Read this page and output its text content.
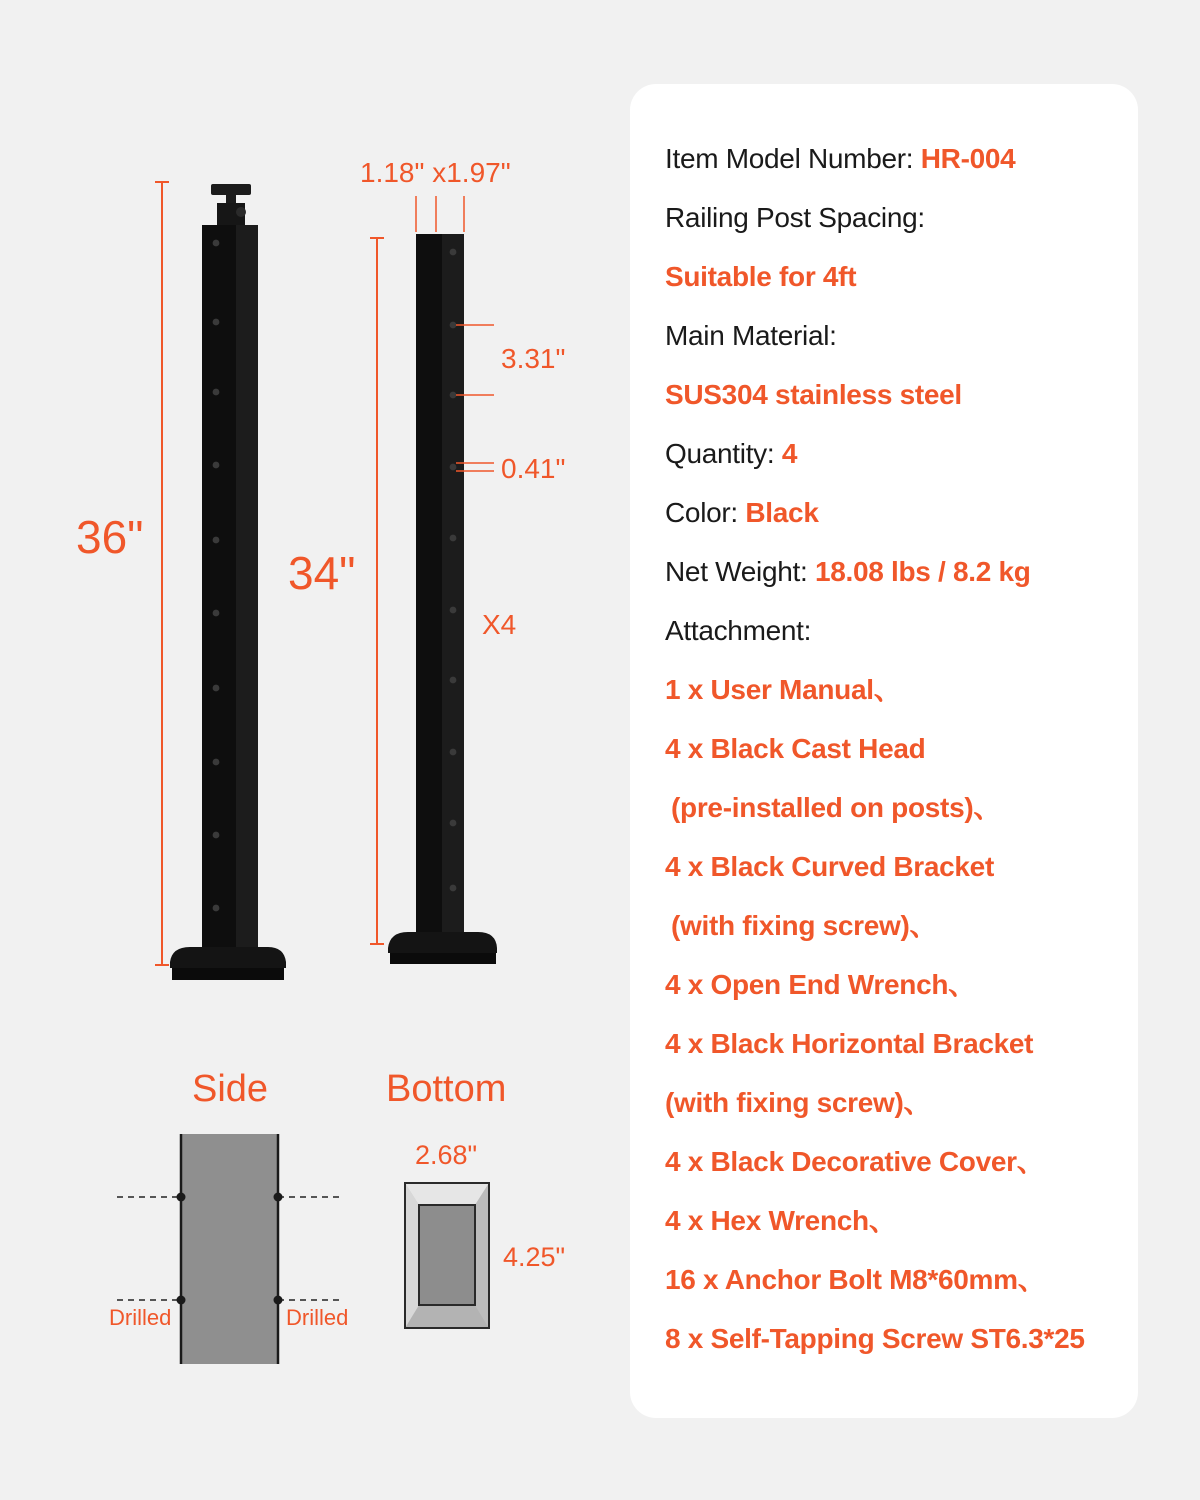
36"
34"
1.18" x1.97"
3.31"
0.41"
X4
Side	Bottom
Drilled	Drilled
2.68"
4.25"
Item Model Number: HR-004
Railing Post Spacing:
Suitable for 4ft
Main Material:
SUS304 stainless steel
Quantity: 4
Color: Black
Net Weight: 18.08 lbs / 8.2 kg
Attachment:
1 x User Manual、
4 x Black Cast Head
(pre-installed on posts)、
4 x Black Curved Bracket
(with fixing screw)、
4 x Open End Wrench、
4 x Black Horizontal Bracket
(with fixing screw)、
4 x Black Decorative Cover、
4 x Hex Wrench、
16 x Anchor Bolt M8*60mm、
8 x Self-Tapping Screw ST6.3*25
